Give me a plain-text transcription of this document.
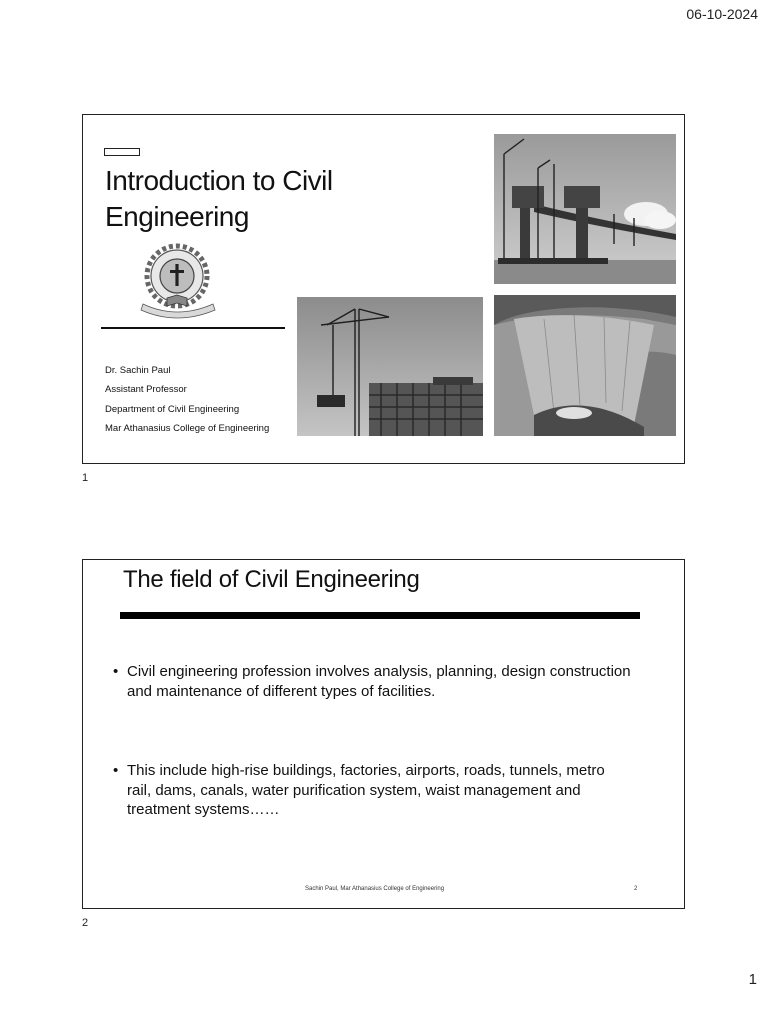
06-10-2024
Introduction to Civil Engineering
Dr. Sachin Paul
Assistant Professor
Department of Civil Engineering
Mar Athanasius College of Engineering
1
The field of Civil Engineering
• Civil engineering profession involves analysis, planning, design construction and maintenance of different types of facilities.
• This include high-rise buildings, factories, airports, roads, tunnels, metro rail, dams, canals, water purification system, waist management and treatment systems……
Sachin Paul, Mar Athanasius College of Engineering	2
2
1
